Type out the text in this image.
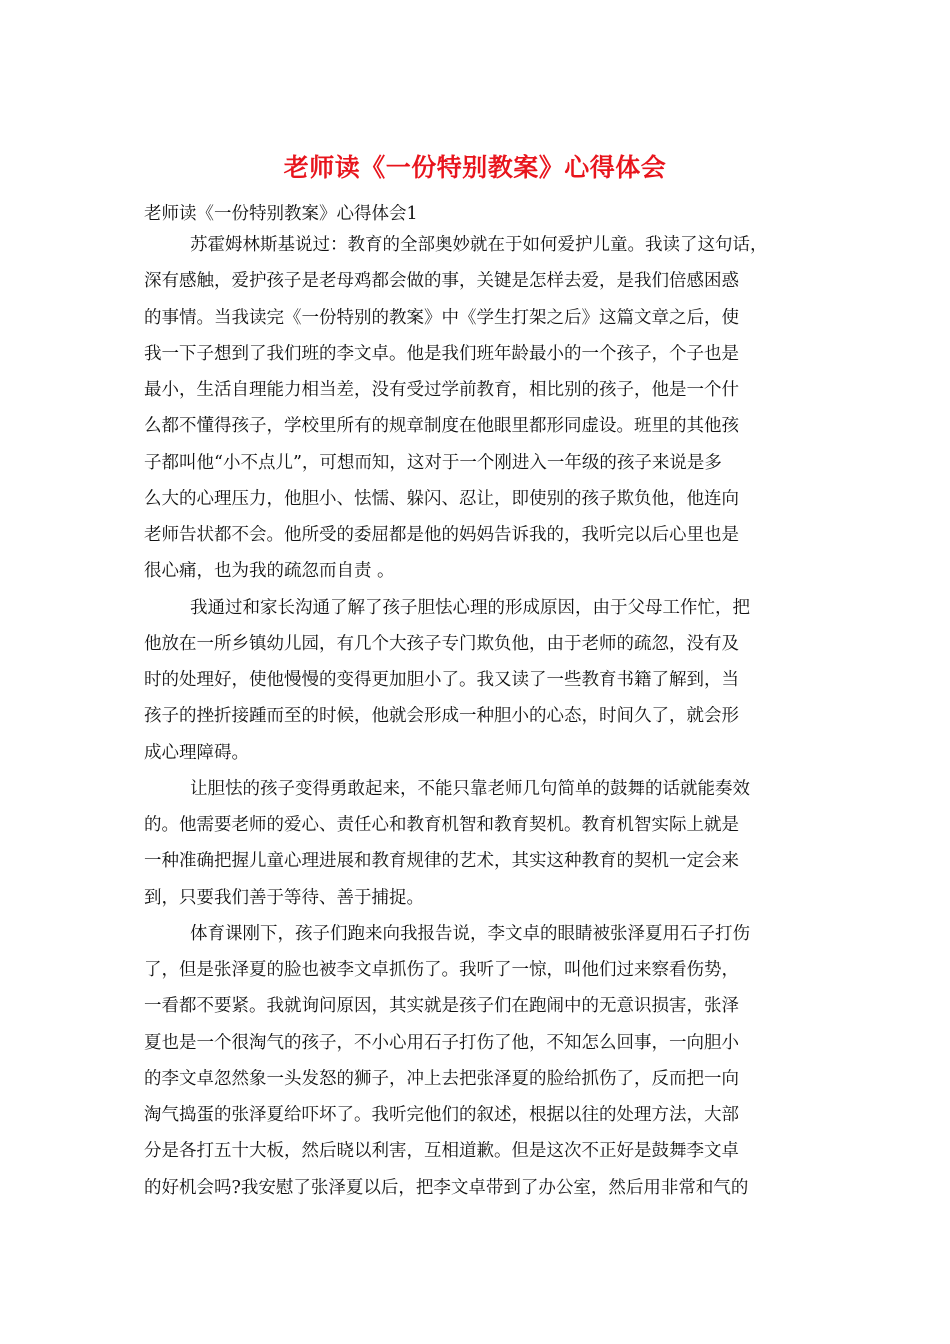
老师读《一份特别教案》心得体会
老师读《一份特别教案》心得体会1
苏霍姆林斯基说过：教育的全部奥妙就在于如何爱护儿童。我读了这句话，
深有感触，爱护孩子是老母鸡都会做的事，关键是怎样去爱，是我们倍感困惑
的事情。当我读完《一份特别的教案》中《学生打架之后》这篇文章之后，使
我一下子想到了我们班的李文卓。他是我们班年龄最小的一个孩子，个子也是
最小，生活自理能力相当差，没有受过学前教育，相比别的孩子，他是一个什
么都不懂得孩子，学校里所有的规章制度在他眼里都形同虚设。班里的其他孩
子都叫他“小不点儿”，可想而知，这对于一个刚进入一年级的孩子来说是多
么大的心理压力，他胆小、怯懦、躲闪、忍让，即使别的孩子欺负他，他连向
老师告状都不会。他所受的委屈都是他的妈妈告诉我的，我听完以后心里也是
很心痛，也为我的疏忽而自责 。
我通过和家长沟通了解了孩子胆怯心理的形成原因，由于父母工作忙，把
他放在一所乡镇幼儿园，有几个大孩子专门欺负他，由于老师的疏忽，没有及
时的处理好，使他慢慢的变得更加胆小了。我又读了一些教育书籍了解到，当
孩子的挫折接踵而至的时候，他就会形成一种胆小的心态，时间久了，就会形
成心理障碍。
让胆怯的孩子变得勇敢起来，不能只靠老师几句简单的鼓舞的话就能奏效
的。他需要老师的爱心、责任心和教育机智和教育契机。教育机智实际上就是
一种准确把握儿童心理进展和教育规律的艺术，其实这种教育的契机一定会来
到，只要我们善于等待、善于捕捉。
体育课刚下，孩子们跑来向我报告说，李文卓的眼睛被张泽夏用石子打伤
了，但是张泽夏的脸也被李文卓抓伤了。我听了一惊，叫他们过来察看伤势，
一看都不要紧。我就询问原因，其实就是孩子们在跑闹中的无意识损害，张泽
夏也是一个很淘气的孩子，不小心用石子打伤了他，不知怎么回事，一向胆小
的李文卓忽然象一头发怒的狮子，冲上去把张泽夏的脸给抓伤了，反而把一向
淘气捣蛋的张泽夏给吓坏了。我听完他们的叙述，根据以往的处理方法，大部
分是各打五十大板，然后晓以利害，互相道歉。但是这次不正好是鼓舞李文卓
的好机会吗?我安慰了张泽夏以后，把李文卓带到了办公室，然后用非常和气的
